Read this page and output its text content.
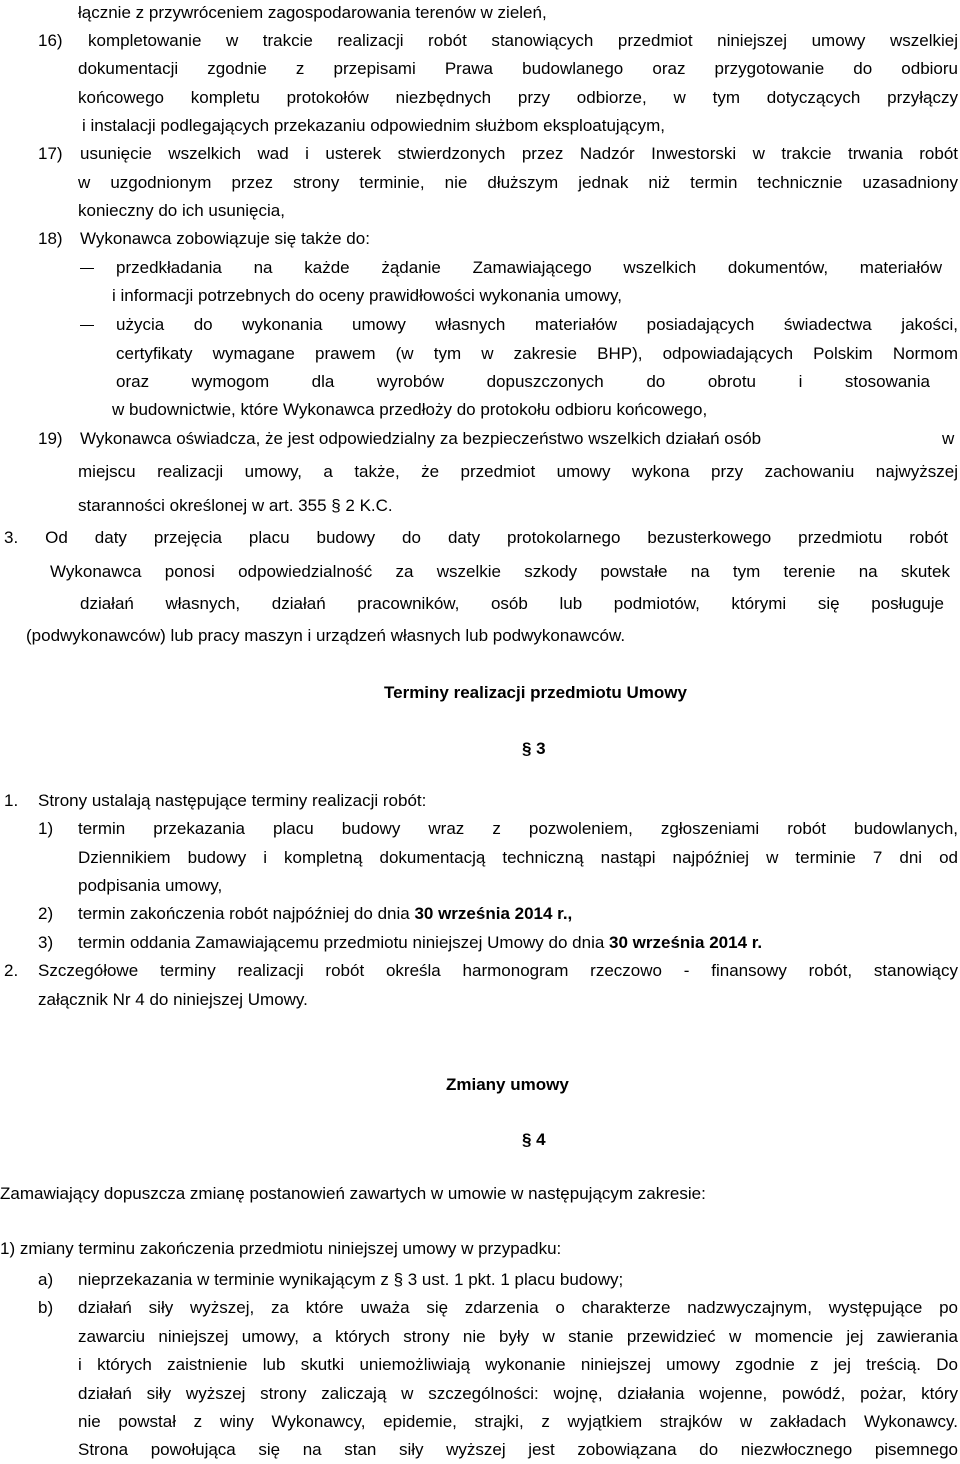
łącznie z przywróceniem zagospodarowania terenów w zieleń,
16) kompletowanie w trakcie realizacji robót stanowiących przedmiot niniejszej umowy wszelkiej
dokumentacji zgodnie z przepisami Prawa budowlanego oraz przygotowanie do odbioru
końcowego kompletu protokołów niezbędnych przy odbiorze, w tym dotyczących przyłączy
i instalacji podlegających przekazaniu odpowiednim służbom eksploatującym,
17) usunięcie wszelkich wad i usterek stwierdzonych przez Nadzór Inwestorski w trakcie trwania robót
w uzgodnionym przez strony terminie, nie dłuższym jednak niż termin technicznie uzasadniony
konieczny do ich usunięcia,
18) Wykonawca zobowiązuje się także do:
przedkładania na każde żądanie Zamawiającego wszelkich dokumentów, materiałów
i informacji potrzebnych do oceny prawidłowości wykonania umowy,
użycia do wykonania umowy własnych materiałów posiadających świadectwa jakości,
certyfikaty wymagane prawem (w tym w zakresie BHP), odpowiadających Polskim Normom
oraz wymogom dla wyrobów dopuszczonych do obrotu i stosowania
w budownictwie, które Wykonawca przedłoży do protokołu odbioru końcowego,
19) Wykonawca oświadcza, że jest odpowiedzialny za bezpieczeństwo wszelkich działań osób	w
miejscu realizacji umowy, a także, że przedmiot umowy wykona przy zachowaniu najwyższej
staranności określonej w art. 355 § 2 K.C.
3. Od daty przejęcia placu budowy do daty protokolarnego bezusterkowego przedmiotu robót
Wykonawca ponosi odpowiedzialność za wszelkie szkody powstałe na tym terenie na skutek
działań własnych, działań pracowników, osób lub podmiotów, którymi się posługuje
(podwykonawców) lub pracy maszyn i urządzeń własnych lub podwykonawców.
Terminy realizacji przedmiotu Umowy
§ 3
1. Strony ustalają następujące terminy realizacji robót:
1) termin przekazania placu budowy wraz z pozwoleniem, zgłoszeniami robót budowlanych,
Dziennikiem budowy i kompletną dokumentacją techniczną nastąpi najpóźniej w terminie 7 dni od
podpisania umowy,
2) termin zakończenia robót najpóźniej do dnia 30 września 2014 r.,
3) termin oddania Zamawiającemu przedmiotu niniejszej Umowy do dnia 30 września 2014 r.
2. Szczegółowe terminy realizacji robót określa harmonogram rzeczowo - finansowy robót, stanowiący
załącznik Nr 4 do niniejszej Umowy.
Zmiany umowy
§ 4
Zamawiający dopuszcza zmianę postanowień zawartych w umowie w następującym zakresie:
1) zmiany terminu zakończenia przedmiotu niniejszej umowy w przypadku:
a) nieprzekazania w terminie wynikającym z § 3 ust. 1 pkt. 1 placu budowy;
b) działań siły wyższej, za które uważa się zdarzenia o charakterze nadzwyczajnym, występujące po
zawarciu niniejszej umowy, a których strony nie były w stanie przewidzieć w momencie jej zawierania
i których zaistnienie lub skutki uniemożliwiają wykonanie niniejszej umowy zgodnie z jej treścią. Do
działań siły wyższej strony zaliczają w szczególności: wojnę, działania wojenne, powódź, pożar, który
nie powstał z winy Wykonawcy, epidemie, strajki, z wyjątkiem strajków w zakładach Wykonawcy.
Strona powołująca się na stan siły wyższej jest zobowiązana do niezwłocznego pisemnego
